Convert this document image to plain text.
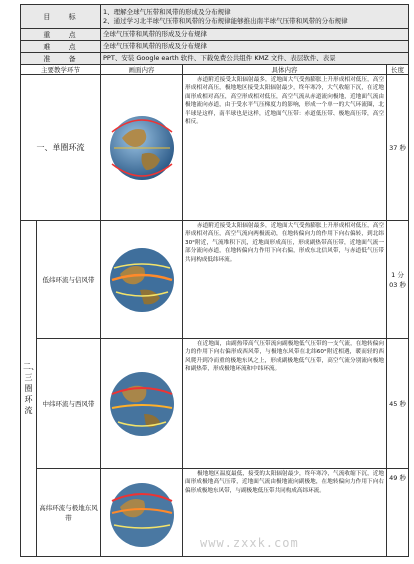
目 标		1、理解全球气压带和风带的形成及分布规律
2、通过学习北半球气压带和风带的分布规律能够推出南半球气压带和风带的分布规律		

重 点		全球气压带和风带的形成及分布规律		
难 点		全球气压带和风带的形成及分布规律		
准 备		PPT、安装 Google earth 软件、下载免费公共组件 KMZ 文件、表层软件、表景		
主要教学环节		画面内容	具体内容	长度
一、单圈环流			赤道附近接受太阳辐射最多，近地面大气受热膨胀上升形成相对低压，高空形成相对高压，极地地区接受太阳辐射最少，终年寒冷，大气收缩下沉，在近地面形成相对高压，高空形成相对低压，高空气流从赤道流向极地，近地面气流由极地流向赤道，由于受水平气压梯度力的影响，形成一个单一的大气环流圈，北半球是这样，南半球也是这样，近地面气压带：赤道低压带、极地高压带，高空相反。	37 秒
二、三圈环流	低纬环流与信风带		赤道附近接受太阳辐射最多，近地面大气受热膨胀上升形成相对低压，高空形成相对高压，高空气流向两极流动，在地转偏向力的作用下向右偏转，到北纬30°附近，气流堆积下沉，近地面形成高压，形成副热带高压带，近地面气流一部分流向赤道，在地转偏向力作用下向右偏，形成东北信风带，与赤道低气压带共同构成低纬环流。	1 分 03 秒
	中纬环流与西风带		在近地面，由副热带高气压带流向副极地低气压带的一支气流，在地转偏向力的作用下向右偏形成西风带，与极地东风带在北纬60°附近相遇，暖而轻的西风爬升到冷而重的极地东风之上，形成副极地低气压带，高空气流分别流向极地和副热带，形成极地环流和中纬环流。	45 秒
	高纬环流与极地东风带		极地地区温度最低，接受的太阳辐射最少，终年寒冷，气流收缩下沉，近地面形成极地高气压带，近地面气流由极地流向副极地，在地转偏向力作用下向右偏形成极地东风带，与副极地低压带共同构成高纬环流。	49 秒
www.zxxk.com
